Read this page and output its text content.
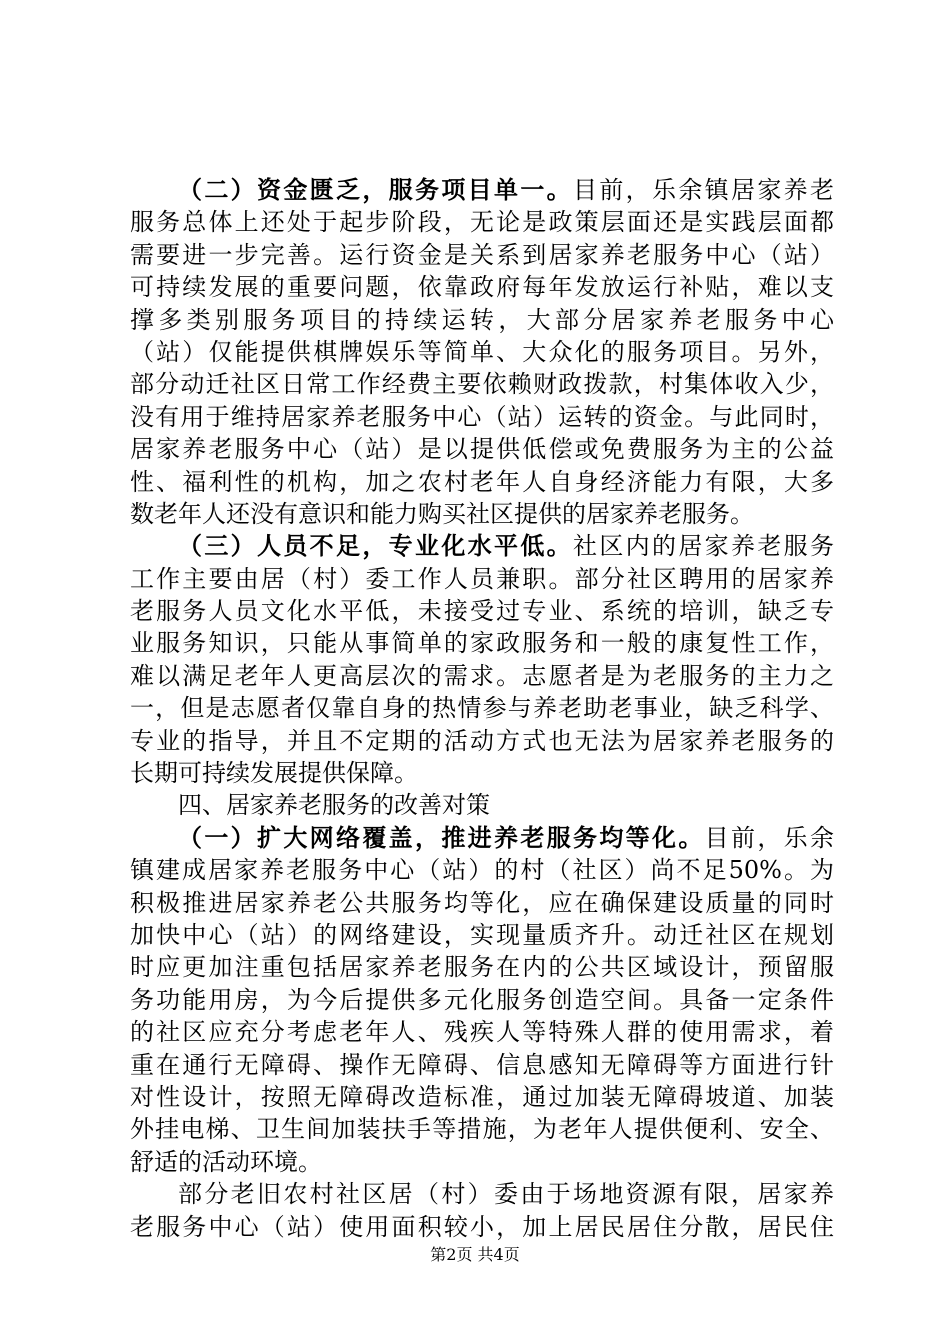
（二）资金匮乏，服务项目单一。目前，乐余镇居家养老
服务总体上还处于起步阶段，无论是政策层面还是实践层面都
需要进一步完善。运行资金是关系到居家养老服务中心（站）
可持续发展的重要问题，依靠政府每年发放运行补贴，难以支
撑多类别服务项目的持续运转，大部分居家养老服务中心
（站）仅能提供棋牌娱乐等简单、大众化的服务项目。另外，
部分动迁社区日常工作经费主要依赖财政拨款，村集体收入少，
没有用于维持居家养老服务中心（站）运转的资金。与此同时，
居家养老服务中心（站）是以提供低偿或免费服务为主的公益
性、福利性的机构，加之农村老年人自身经济能力有限，大多
数老年人还没有意识和能力购买社区提供的居家养老服务。
（三）人员不足，专业化水平低。社区内的居家养老服务
工作主要由居（村）委工作人员兼职。部分社区聘用的居家养
老服务人员文化水平低，未接受过专业、系统的培训，缺乏专
业服务知识，只能从事简单的家政服务和一般的康复性工作，
难以满足老年人更高层次的需求。志愿者是为老服务的主力之
一，但是志愿者仅靠自身的热情参与养老助老事业，缺乏科学、
专业的指导，并且不定期的活动方式也无法为居家养老服务的
长期可持续发展提供保障。
四、居家养老服务的改善对策
（一）扩大网络覆盖，推进养老服务均等化。目前，乐余
镇建成居家养老服务中心（站）的村（社区）尚不足50%。为
积极推进居家养老公共服务均等化，应在确保建设质量的同时
加快中心（站）的网络建设，实现量质齐升。动迁社区在规划
时应更加注重包括居家养老服务在内的公共区域设计，预留服
务功能用房，为今后提供多元化服务创造空间。具备一定条件
的社区应充分考虑老年人、残疾人等特殊人群的使用需求，着
重在通行无障碍、操作无障碍、信息感知无障碍等方面进行针
对性设计，按照无障碍改造标准，通过加装无障碍坡道、加装
外挂电梯、卫生间加装扶手等措施，为老年人提供便利、安全、
舒适的活动环境。
部分老旧农村社区居（村）委由于场地资源有限，居家养
老服务中心（站）使用面积较小，加上居民居住分散，居民住
第2页 共4页
